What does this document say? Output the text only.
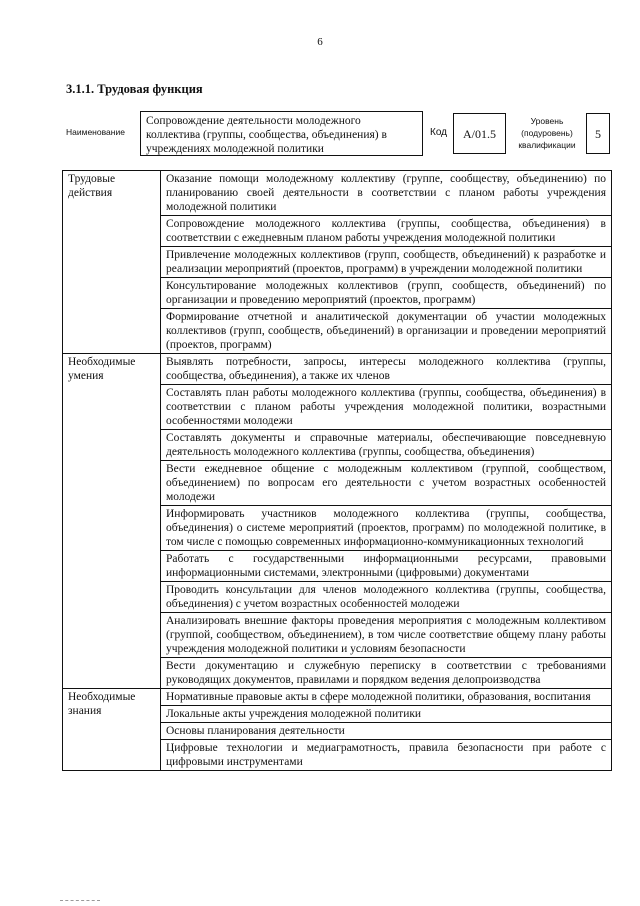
6
3.1.1. Трудовая функция
Наименование
Сопровождение деятельности молодежного коллектива (группы, сообщества, объединения) в учреждениях молодежной политики
Код	A/01.5
Уровень
(подуровень)
квалификации
5
Трудовые действия	Оказание помощи молодежному коллективу (группе, сообществу, объединению) по планированию своей деятельности в соответствии с планом работы учреждения молодежной политики
	Сопровождение молодежного коллектива (группы, сообщества, объединения) в соответствии с ежедневным планом работы учреждения молодежной политики
	Привлечение молодежных коллективов (групп, сообществ, объединений) к разработке и реализации мероприятий (проектов, программ) в учреждении молодежной политики
	Консультирование молодежных коллективов (групп, сообществ, объединений) по организации и проведению мероприятий (проектов, программ)
	Формирование отчетной и аналитической документации об участии молодежных коллективов (групп, сообществ, объединений) в организации и проведении мероприятий (проектов, программ)
Необходимые умения	Выявлять потребности, запросы, интересы молодежного коллектива (группы, сообщества, объединения), а также их членов
	Составлять план работы молодежного коллектива (группы, сообщества, объединения) в соответствии с планом работы учреждения молодежной политики, возрастными особенностями молодежи
	Составлять документы и справочные материалы, обеспечивающие повседневную деятельность молодежного коллектива (группы, сообщества, объединения)
	Вести ежедневное общение с молодежным коллективом (группой, сообществом, объединением) по вопросам его деятельности с учетом возрастных особенностей молодежи
	Информировать участников молодежного коллектива (группы, сообщества, объединения) о системе мероприятий (проектов, программ) по молодежной политике, в том числе с помощью современных информационно-коммуникационных технологий
	Работать с государственными информационными ресурсами, правовыми информационными системами, электронными (цифровыми) документами
	Проводить консультации для членов молодежного коллектива (группы, сообщества, объединения) с учетом возрастных особенностей молодежи
	Анализировать внешние факторы проведения мероприятия с молодежным коллективом (группой, сообществом, объединением), в том числе соответствие общему плану работы учреждения молодежной политики и условиям безопасности
	Вести документацию и служебную переписку в соответствии с требованиями руководящих документов, правилами и порядком ведения делопроизводства
Необходимые знания	Нормативные правовые акты в сфере молодежной политики, образования, воспитания
	Локальные акты учреждения молодежной политики
	Основы планирования деятельности
	Цифровые технологии и медиаграмотность, правила безопасности при работе с цифровыми инструментами
